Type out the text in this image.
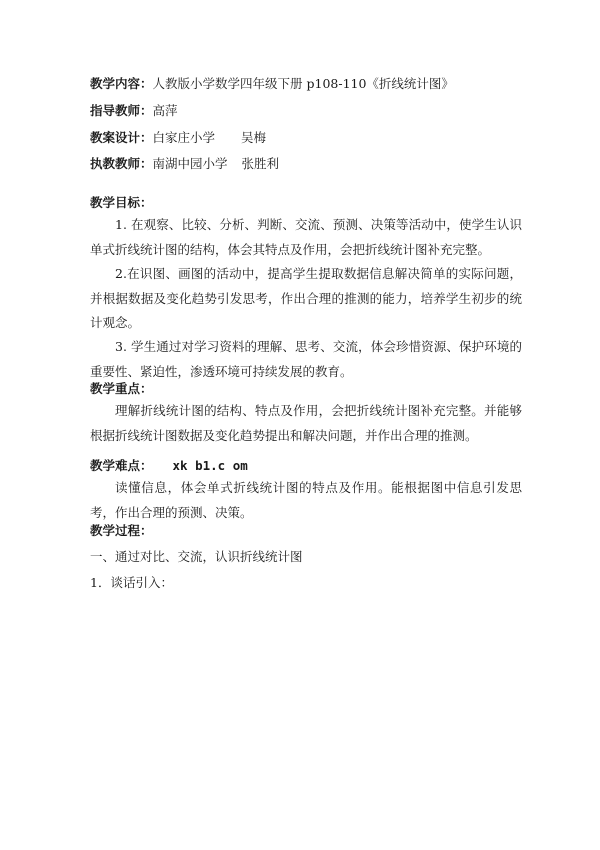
教学内容：人教版小学数学四年级下册 p108-110《折线统计图》
指导教师：高萍
教案设计：白家庄小学 吴梅
执教教师：南湖中园小学 张胜利
教学目标：
1. 在观察、比较、分析、判断、交流、预测、决策等活动中，使学生认识单式折线统计图的结构，体会其特点及作用，会把折线统计图补充完整。
2.在识图、画图的活动中，提高学生提取数据信息解决简单的实际问题，并根据数据及变化趋势引发思考，作出合理的推测的能力，培养学生初步的统计观念。
3. 学生通过对学习资料的理解、思考、交流，体会珍惜资源、保护环境的重要性、紧迫性，渗透环境可持续发展的教育。
教学重点：
理解折线统计图的结构、特点及作用，会把折线统计图补充完整。并能够根据折线统计图数据及变化趋势提出和解决问题，并作出合理的推测。
教学难点： xk b1.c om
读懂信息，体会单式折线统计图的特点及作用。能根据图中信息引发思考，作出合理的预测、决策。
教学过程：
一、通过对比、交流，认识折线统计图
1．谈话引入：
